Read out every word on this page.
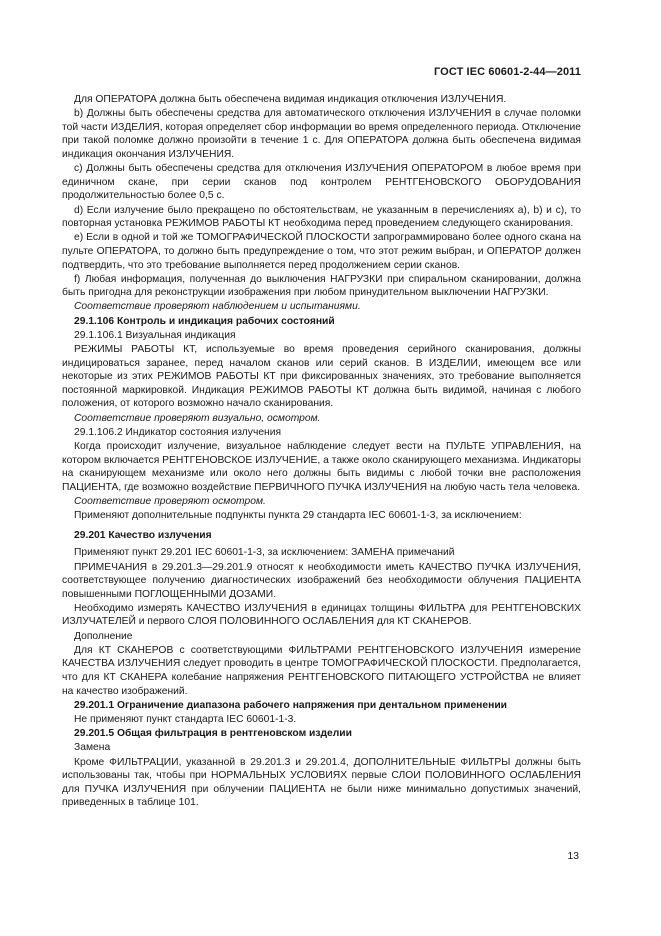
ГОСТ IEC 60601-2-44—2011

Для ОПЕРАТОРА должна быть обеспечена видимая индикация отключения ИЗЛУЧЕНИЯ.

b) Должны быть обеспечены средства для автоматического отключения ИЗЛУЧЕНИЯ в случае поломки той части ИЗДЕЛИЯ, которая определяет сбор информации во время определенного периода. Отключение при такой поломке должно произойти в течение 1 с. Для ОПЕРАТОРА должна быть обеспечена видимая индикация окончания ИЗЛУЧЕНИЯ.

c) Должны быть обеспечены средства для отключения ИЗЛУЧЕНИЯ ОПЕРАТОРОМ в любое время при единичном скане, при серии сканов под контролем РЕНТГЕНОВСКОГО ОБОРУДОВАНИЯ продолжительностью более 0,5 с.

d) Если излучение было прекращено по обстоятельствам, не указанным в перечислениях a), b) и c), то повторная установка РЕЖИМОВ РАБОТЫ КТ необходима перед проведением следующего сканирования.

e) Если в одной и той же ТОМОГРАФИЧЕСКОЙ ПЛОСКОСТИ запрограммировано более одного скана на пульте ОПЕРАТОРА, то должно быть предупреждение о том, что этот режим выбран, и ОПЕРАТОР должен подтвердить, что это требование выполняется перед продолжением серии сканов.

f) Любая информация, полученная до выключения НАГРУЗКИ при спиральном сканировании, должна быть пригодна для реконструкции изображения при любом принудительном выключении НАГРУЗКИ.

Соответствие проверяют наблюдением и испытаниями.

29.1.106 Контроль и индикация рабочих состояний

29.1.106.1 Визуальная индикация

РЕЖИМЫ РАБОТЫ КТ, используемые во время проведения серийного сканирования, должны индицироваться заранее, перед началом сканов или серий сканов. В ИЗДЕЛИИ, имеющем все или некоторые из этих РЕЖИМОВ РАБОТЫ КТ при фиксированных значениях, это требование выполняется постоянной маркировкой. Индикация РЕЖИМОВ РАБОТЫ КТ должна быть видимой, начиная с любого положения, от которого возможно начало сканирования.

Соответствие проверяют визуально, осмотром.

29.1.106.2 Индикатор состояния излучения

Когда происходит излучение, визуальное наблюдение следует вести на ПУЛЬТЕ УПРАВЛЕНИЯ, на котором включается РЕНТГЕНОВСКОЕ ИЗЛУЧЕНИЕ, а также около сканирующего механизма. Индикаторы на сканирующем механизме или около него должны быть видимы с любой точки вне расположения ПАЦИЕНТА, где возможно воздействие ПЕРВИЧНОГО ПУЧКА ИЗЛУЧЕНИЯ на любую часть тела человека.

Соответствие проверяют осмотром.

Применяют дополнительные подпункты пункта 29 стандарта IEC 60601-1-3, за исключением:

29.201 Качество излучения

Применяют пункт 29.201 IEC 60601-1-3, за исключением: ЗАМЕНА примечаний

ПРИМЕЧАНИЯ в 29.201.3—29.201.9 относят к необходимости иметь КАЧЕСТВО ПУЧКА ИЗЛУЧЕНИЯ, соответствующее получению диагностических изображений без необходимости облучения ПАЦИЕНТА повышенными ПОГЛОЩЕННЫМИ ДОЗАМИ.

Необходимо измерять КАЧЕСТВО ИЗЛУЧЕНИЯ в единицах толщины ФИЛЬТРА для РЕНТГЕНОВСКИХ ИЗЛУЧАТЕЛЕЙ и первого СЛОЯ ПОЛОВИННОГО ОСЛАБЛЕНИЯ для КТ СКАНЕРОВ.

Дополнение

Для КТ СКАНЕРОВ с соответствующими ФИЛЬТРАМИ РЕНТГЕНОВСКОГО ИЗЛУЧЕНИЯ измерение КАЧЕСТВА ИЗЛУЧЕНИЯ следует проводить в центре ТОМОГРАФИЧЕСКОЙ ПЛОСКОСТИ. Предполагается, что для КТ СКАНЕРА колебание напряжения РЕНТГЕНОВСКОГО ПИТАЮЩЕГО УСТРОЙСТВА не влияет на качество изображений.

29.201.1 Ограничение диапазона рабочего напряжения при дентальном применении

Не применяют пункт стандарта IEC 60601-1-3.

29.201.5 Общая фильтрация в рентгеновском изделии

Замена

Кроме ФИЛЬТРАЦИИ, указанной в 29.201.3 и 29.201.4, ДОПОЛНИТЕЛЬНЫЕ ФИЛЬТРЫ должны быть использованы так, чтобы при НОРМАЛЬНЫХ УСЛОВИЯХ первые СЛОИ ПОЛОВИННОГО ОСЛАБЛЕНИЯ для ПУЧКА ИЗЛУЧЕНИЯ при облучении ПАЦИЕНТА не были ниже минимально допустимых значений, приведенных в таблице 101.

13
